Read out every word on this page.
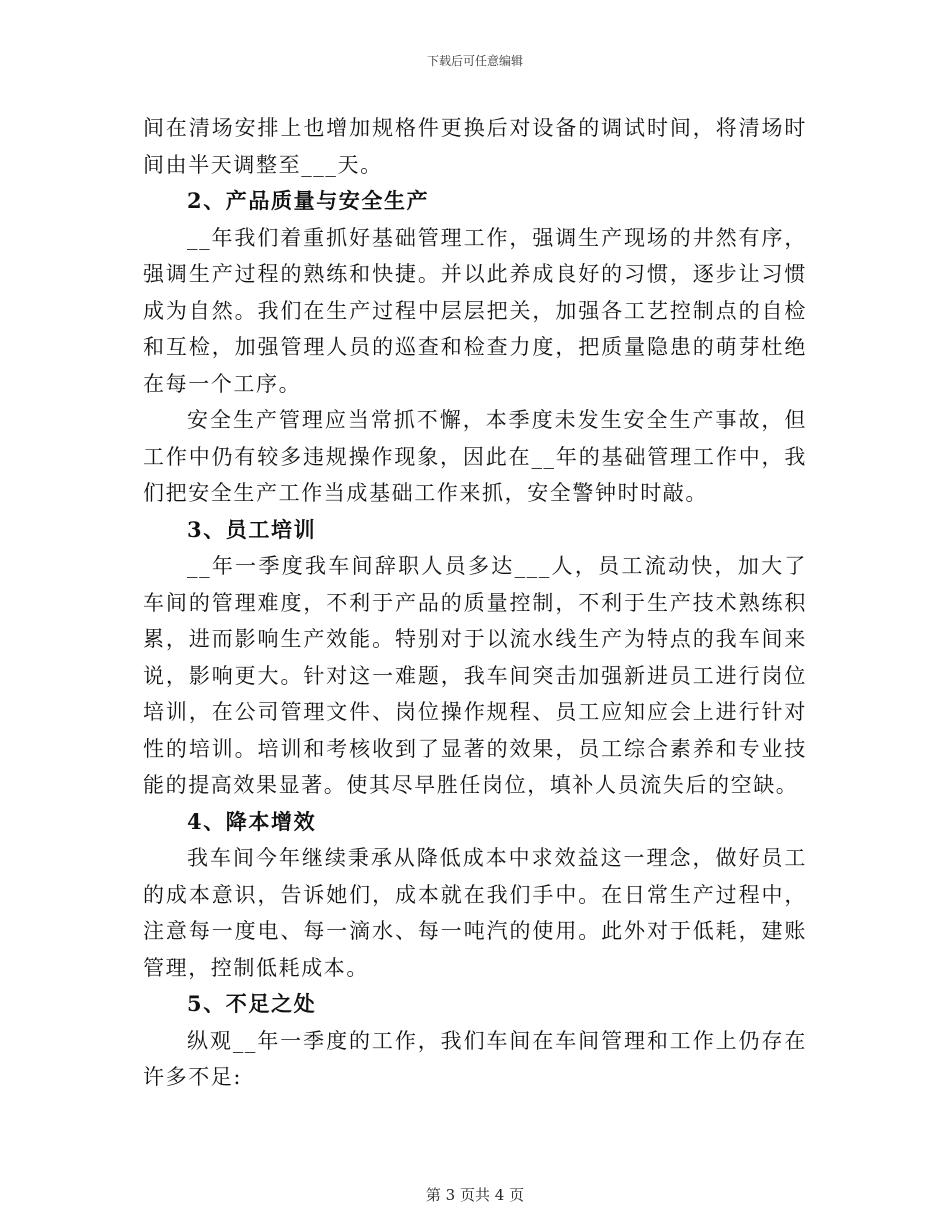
下载后可任意编辑

间在清场安排上也增加规格件更换后对设备的调试时间，将清场时间由半天调整至___天。

2、产品质量与安全生产

__年我们着重抓好基础管理工作，强调生产现场的井然有序，强调生产过程的熟练和快捷。并以此养成良好的习惯，逐步让习惯成为自然。我们在生产过程中层层把关，加强各工艺控制点的自检和互检，加强管理人员的巡查和检查力度，把质量隐患的萌芽杜绝在每一个工序。

安全生产管理应当常抓不懈，本季度未发生安全生产事故，但工作中仍有较多违规操作现象，因此在__年的基础管理工作中，我们把安全生产工作当成基础工作来抓，安全警钟时时敲。

3、员工培训

__年一季度我车间辞职人员多达___人，员工流动快，加大了车间的管理难度，不利于产品的质量控制，不利于生产技术熟练积累，进而影响生产效能。特别对于以流水线生产为特点的我车间来说，影响更大。针对这一难题，我车间突击加强新进员工进行岗位培训，在公司管理文件、岗位操作规程、员工应知应会上进行针对性的培训。培训和考核收到了显著的效果，员工综合素养和专业技能的提高效果显著。使其尽早胜任岗位，填补人员流失后的空缺。

4、降本增效

我车间今年继续秉承从降低成本中求效益这一理念，做好员工的成本意识，告诉她们，成本就在我们手中。在日常生产过程中，注意每一度电、每一滴水、每一吨汽的使用。此外对于低耗，建账管理，控制低耗成本。

5、不足之处

纵观__年一季度的工作，我们车间在车间管理和工作上仍存在许多不足:

第 3 页共 4 页
